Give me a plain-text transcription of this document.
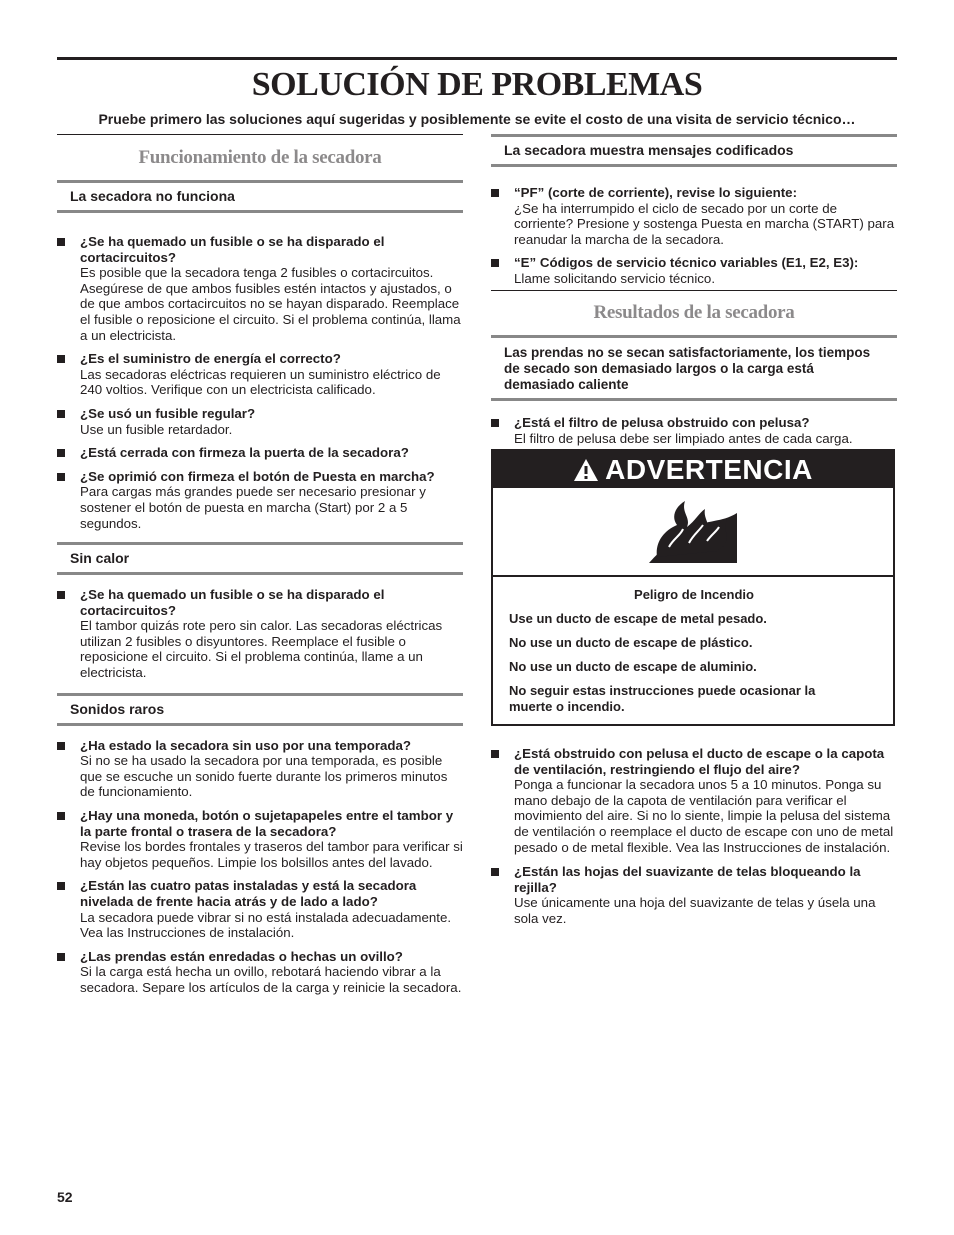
SOLUCIÓN DE PROBLEMAS

Pruebe primero las soluciones aquí sugeridas y posiblemente se evite el costo de una visita de servicio técnico…

Funcionamiento de la secadora
La secadora no funciona
¿Se ha quemado un fusible o se ha disparado el cortacircuitos?
Es posible que la secadora tenga 2 fusibles o cortacircuitos. Asegúrese de que ambos fusibles estén intactos y ajustados, o de que ambos cortacircuitos no se hayan disparado. Reemplace el fusible o reposicione el circuito. Si el problema continúa, llama a un electricista.
¿Es el suministro de energía el correcto?
Las secadoras eléctricas requieren un suministro eléctrico de 240 voltios. Verifique con un electricista calificado.
¿Se usó un fusible regular?
Use un fusible retardador.
¿Está cerrada con firmeza la puerta de la secadora?
¿Se oprimió con firmeza el botón de Puesta en marcha?
Para cargas más grandes puede ser necesario presionar y sostener el botón de puesta en marcha (Start) por 2 a 5 segundos.
Sin calor
¿Se ha quemado un fusible o se ha disparado el cortacircuitos?
El tambor quizás rote pero sin calor. Las secadoras eléctricas utilizan 2 fusibles o disyuntores. Reemplace el fusible o reposicione el circuito. Si el problema continúa, llame a un electricista.
Sonidos raros
¿Ha estado la secadora sin uso por una temporada?
Si no se ha usado la secadora por una temporada, es posible que se escuche un sonido fuerte durante los primeros minutos de funcionamiento.
¿Hay una moneda, botón o sujetapapeles entre el tambor y la parte frontal o trasera de la secadora?
Revise los bordes frontales y traseros del tambor para verificar si hay objetos pequeños. Limpie los bolsillos antes del lavado.
¿Están las cuatro patas instaladas y está la secadora nivelada de frente hacia atrás y de lado a lado?
La secadora puede vibrar si no está instalada adecuadamente. Vea las Instrucciones de instalación.
¿Las prendas están enredadas o hechas un ovillo?
Si la carga está hecha un ovillo, rebotará haciendo vibrar a la secadora. Separe los artículos de la carga y reinicie la secadora.
La secadora muestra mensajes codificados
“PF” (corte de corriente), revise lo siguiente:
¿Se ha interrumpido el ciclo de secado por un corte de corriente? Presione y sostenga Puesta en marcha (START) para reanudar la marcha de la secadora.
“E” Códigos de servicio técnico variables (E1, E2, E3):
Llame solicitando servicio técnico.
Resultados de la secadora
Las prendas no se secan satisfactoriamente, los tiempos de secado son demasiado largos o la carga está demasiado caliente
¿Está el filtro de pelusa obstruido con pelusa?
El filtro de pelusa debe ser limpiado antes de cada carga.
ADVERTENCIA

Peligro de Incendio

Use un ducto de escape de metal pesado.

No use un ducto de escape de plástico.

No use un ducto de escape de aluminio.

No seguir estas instrucciones puede ocasionar la muerte o incendio.

¿Está obstruido con pelusa el ducto de escape o la capota de ventilación, restringiendo el flujo del aire?
Ponga a funcionar la secadora unos 5 a 10 minutos. Ponga su mano debajo de la capota de ventilación para verificar el movimiento del aire. Si no lo siente, limpie la pelusa del sistema de ventilación o reemplace el ducto de escape con uno de metal pesado o de metal flexible. Vea las Instrucciones de instalación.
¿Están las hojas del suavizante de telas bloqueando la rejilla?
Use únicamente una hoja del suavizante de telas y úsela una sola vez.
52
